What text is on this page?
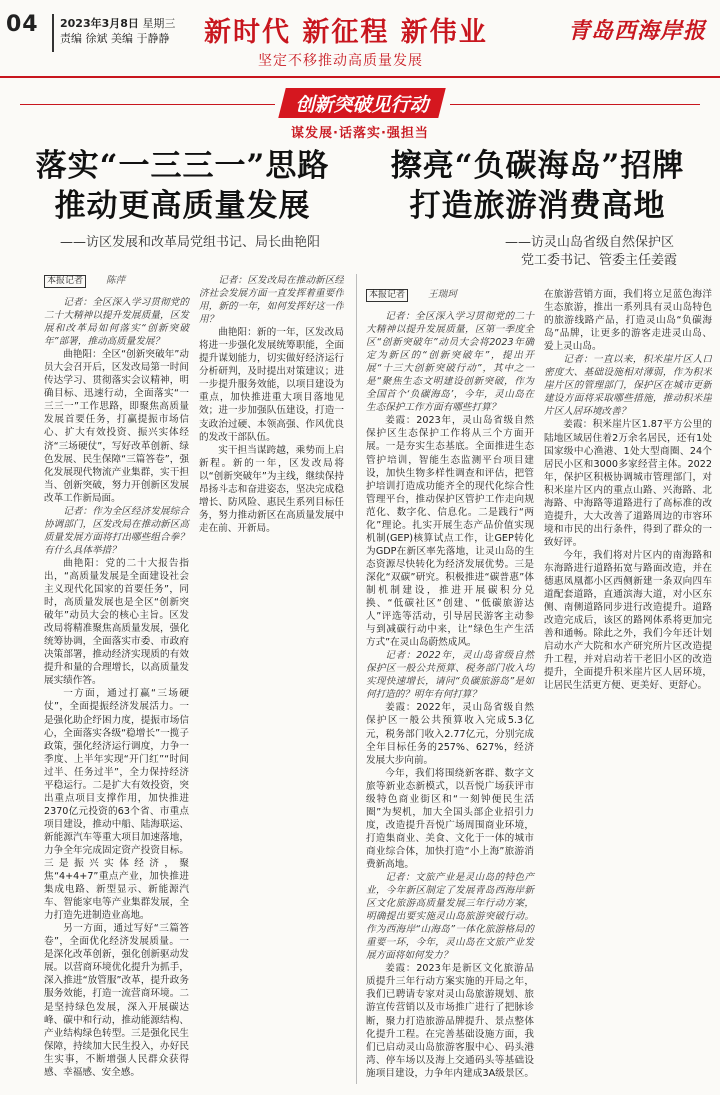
04 2023年3月8日 星期三
责编 徐斌 美编 于静静 新时代 新征程 新伟业
坚定不移推动高质量发展
青岛西海岸报
创新突破见行动
谋发展·话落实·强担当
落实“一三三一”思路
推动更高质量发展
——访区发展和改革局党组书记、局长曲艳阳
擦亮“负碳海岛”招牌
打造旅游消费高地
——访灵山岛省级自然保护区
党工委书记、管委主任姜霞
本报记者 陈萍

记者：全区深入学习贯彻党的二十大精神以提升发展质量，区发展和改革局如何落实“创新突破年”部署，推动高质量发展？

曲艳阳：全区“创新突破年”动员大会召开后，区发改局第一时间传达学习、贯彻落实会议精神，明确目标、迅速行动，全面落实“一三三一”工作思路，即聚焦高质量发展首要任务，打赢提振市场信心、扩大有效投资、振兴实体经济“三场硬仗”，写好改革创新、绿色发展、民生保障“三篇答卷”，强化发展现代物流产业集群，实干担当、创新突破，努力开创新区发展改革工作新局面。

记者：作为全区经济发展综合协调部门，区发改局在推动新区高质量发展方面将打出哪些组合拳？有什么具体举措？

曲艳阳：党的二十大报告指出，“高质量发展是全面建设社会主义现代化国家的首要任务”，同时，高质量发展也是全区“创新突破年”动员大会的核心主旨。区发改局将精准聚焦高质量发展，强化统筹协调，全面落实市委、市政府决策部署，推动经济实现质的有效提升和量的合理增长，以高质量发展实绩作答。

一方面，通过打赢“三场硬仗”，全面提振经济发展活力。一是强化助企纾困力度，提振市场信心，全面落实各级“稳增长”一揽子政策，强化经济运行调度，力争一季度、上半年实现“开门红”“时间过半、任务过半”，全力保持经济平稳运行。二是扩大有效投资，突出重点项目支撑作用，加快推进2370亿元投资的63个省、市重点项目建设，推动中船、陆海联运、新能源汽车等重大项目加速落地，力争全年完成固定资产投资目标。三是振兴实体经济，聚焦“4+4+7”重点产业，加快推进集成电路、新型显示、新能源汽车、智能家电等产业集群发展，全力打造先进制造业高地。

另一方面，通过写好“三篇答卷”，全面优化经济发展质量。一是深化改革创新，强化创新驱动发展。以营商环境优化提升为抓手，深入推进“放管服”改革，提升政务服务效能，打造一流营商环境。二是坚持绿色发展，深入开展碳达峰、碳中和行动，推动能源结构、产业结构绿色转型。三是强化民生保障，持续加大民生投入，办好民生实事，不断增强人民群众获得感、幸福感、安全感。

记者：区发改局在推动新区经济社会发展方面一直发挥着重要作用，新的一年，如何发挥好这一作用？

曲艳阳：新的一年，区发改局将进一步强化发展统筹职能，全面提升谋划能力，切实做好经济运行分析研判，及时提出对策建议；进一步提升服务效能，以项目建设为重点，加快推进重大项目落地见效；进一步加强队伍建设，打造一支政治过硬、本领高强、作风优良的发改干部队伍。

实干担当谋跨越，乘势而上启新程。新的一年，区发改局将以“创新突破年”为主线，继续保持昂扬斗志和奋进姿态，坚决完成稳增长、防风险、惠民生系列目标任务，努力推动新区在高质量发展中走在前、开新局。

本报记者 王瑞珂

记者：全区深入学习贯彻党的二十大精神以提升发展质量，区第一季度全区“创新突破年”动员大会将2023年确定为新区的“创新突破年”，提出开展“十三大创新突破行动”，其中之一是“聚焦生态文明建设创新突破，作为全国首个‘负碳海岛’，今年，灵山岛在生态保护工作方面有哪些打算？

姜霞：2023年，灵山岛省级自然保护区生态保护工作将从三个方面开展。一是夯实生态基底。全面推进生态管护培训，智能生态监测平台项目建设，加快生物多样性调查和评估，把管护培训打造成功能齐全的现代化综合性管理平台，推动保护区管护工作走向规范化、数字化、信息化。二是践行“两化”理论。扎实开展生态产品价值实现机制(GEP)核算试点工作，让GEP转化为GDP在新区率先落地，让灵山岛的生态资源尽快转化为经济发展优势。三是深化“双碳”研究。积极推进“碳普惠”体制机制建设，推进开展碳积分兑换、“低碳社区”创建、“低碳旅游达人”评选等活动，引导居民游客主动参与到减碳行动中来，让“绿色生产生活方式”在灵山岛蔚然成风。

记者：2022年，灵山岛省级自然保护区一般公共预算、税务部门收入均实现快速增长，请问“负碳旅游岛”是如何打造的？明年有何打算？

姜霞：2022年，灵山岛省级自然保护区一般公共预算收入完成5.3亿元，税务部门收入2.77亿元，分别完成全年目标任务的257%、627%，经济发展大步向前。

今年，我们将围绕新客群、数字文旅等新业态新模式，以吾悦广场获评市级特色商业街区和“一刻钟便民生活圈”为契机，加大全国头部企业招引力度，改造提升吾悦广场周围商业环境，打造集商业、美食、文化于一体的城市商业综合体，加快打造“小上海”旅游消费新高地。

记者：文旅产业是灵山岛的特色产业，今年新区制定了发展青岛西海岸新区文化旅游高质量发展三年行动方案，明确提出要实施灵山岛旅游突破行动。作为西海岸“山海岛”一体化旅游格局的重要一环，今年，灵山岛在文旅产业发展方面将如何发力？

姜霞：2023年是新区文化旅游品质提升三年行动方案实施的开局之年，我们已聘请专家对灵山岛旅游规划、旅游宣传营销以及市场推广进行了把脉诊断，聚力打造旅游品牌提升、景点整体化提升工程。在完善基础设施方面，我们已启动灵山岛旅游客服中心、码头港湾、停车场以及海上交通码头等基础设施项目建设，力争年内建成3A级景区。在旅游营销方面，我们将立足蓝色海洋生态旅游，推出一系列具有灵山岛特色的旅游线路产品，打造灵山岛“负碳海岛”品牌，让更多的游客走进灵山岛、爱上灵山岛。

记者：一直以来，积米崖片区人口密度大、基础设施相对薄弱，作为积米崖片区的管理部门，保护区在城市更新建设方面将采取哪些措施，推动积米崖片区人居环境改善？

姜霞：积米崖片区1.87平方公里的陆地区域居住着2万余名居民，还有1处国家级中心渔港、1处大型商圈、24个居民小区和3000多家经营主体。2022年，保护区积极协调城市管理部门，对积米崖片区内的重点山路、兴海路、北海路、中海路等道路进行了高标准的改造提升，大大改善了道路周边的市容环境和市民的出行条件，得到了群众的一致好评。

今年，我们将对片区内的南海路和东海路进行道路拓宽与路面改造，并在德惠凤凰都小区西侧新建一条双向四车道配套道路，直通滨海大道，对小区东侧、南侧道路同步进行改造提升。道路改造完成后，该区的路网体系将更加完善和通畅。除此之外，我们今年还计划启动水产大院和水产研究所片区改造提升工程，并对启动若干老旧小区的改造提升，全面提升积米崖片区人居环境，让居民生活更方便、更美好、更舒心。
